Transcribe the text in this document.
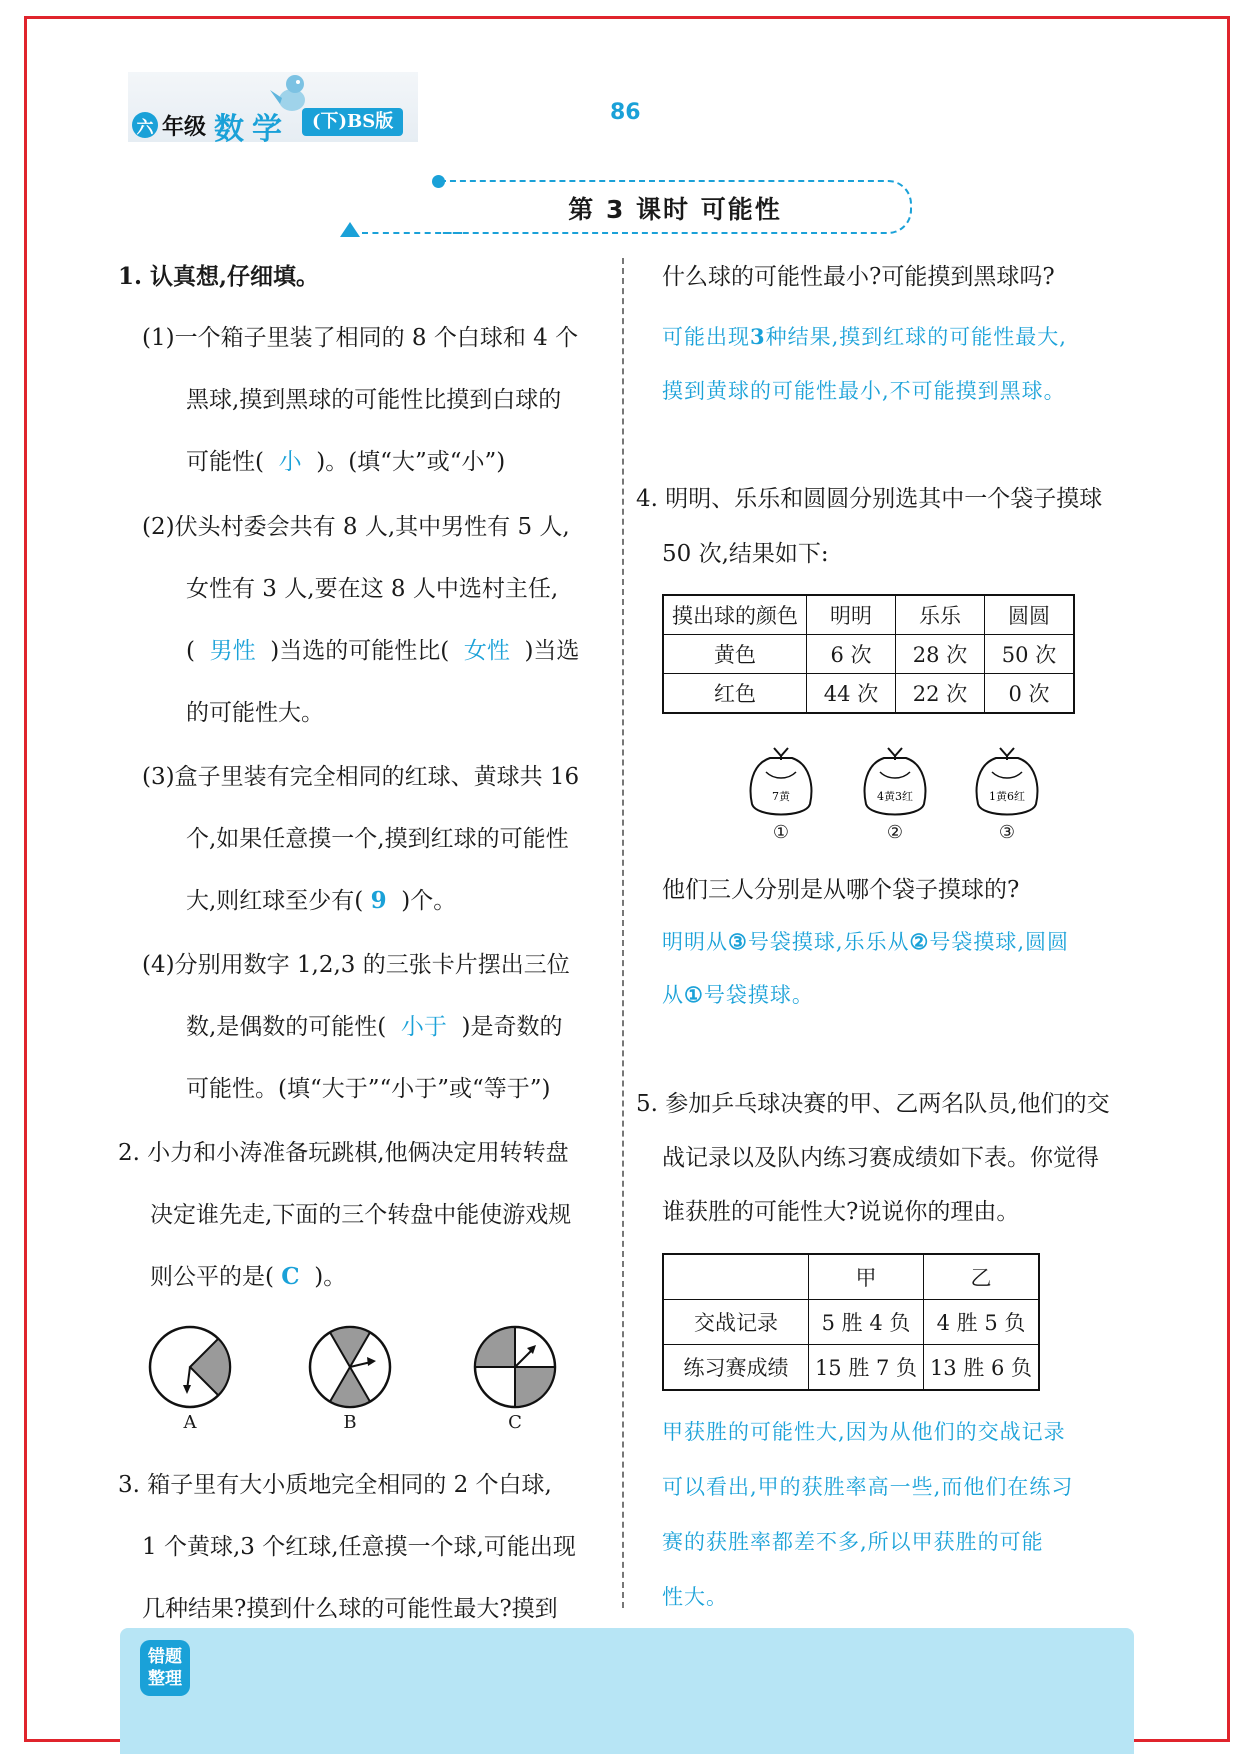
六 年级 数学	(下)BS版	86
第 3 课时 可能性
1. 认真想,仔细填。
(1)一个箱子里装了相同的 8 个白球和 4 个
黑球,摸到黑球的可能性比摸到白球的
可能性( 小 )。(填“大”或“小”)
(2)伏头村委会共有 8 人,其中男性有 5 人,
女性有 3 人,要在这 8 人中选村主任,
( 男性 )当选的可能性比( 女性 )当选
的可能性大。
(3)盒子里装有完全相同的红球、黄球共 16
个,如果任意摸一个,摸到红球的可能性
大,则红球至少有( 9 )个。
(4)分别用数字 1,2,3 的三张卡片摆出三位
数,是偶数的可能性( 小于 )是奇数的
可能性。(填“大于”“小于”或“等于”)
2. 小力和小涛准备玩跳棋,他俩决定用转转盘
决定谁先走,下面的三个转盘中能使游戏规
则公平的是( C )。
A	B	C
3. 箱子里有大小质地完全相同的 2 个白球,
1 个黄球,3 个红球,任意摸一个球,可能出现
几种结果?摸到什么球的可能性最大?摸到
什么球的可能性最小?可能摸到黑球吗?
可能出现3种结果,摸到红球的可能性最大,
摸到黄球的可能性最小,不可能摸到黑球。
4. 明明、乐乐和圆圆分别选其中一个袋子摸球
50 次,结果如下:
摸出球的颜色	明明	乐乐	圆圆
黄色	6 次	28 次	50 次
红色	44 次	22 次	0 次
7黄
①
4黄3红
②
1黄6红
③
他们三人分别是从哪个袋子摸球的?
明明从③号袋摸球,乐乐从②号袋摸球,圆圆
从①号袋摸球。
5. 参加乒乓球决赛的甲、乙两名队员,他们的交
战记录以及队内练习赛成绩如下表。你觉得
谁获胜的可能性大?说说你的理由。
	甲	乙
交战记录	5 胜 4 负	4 胜 5 负
练习赛成绩	15 胜 7 负	13 胜 6 负
甲获胜的可能性大,因为从他们的交战记录
可以看出,甲的获胜率高一些,而他们在练习
赛的获胜率都差不多,所以甲获胜的可能
性大。
错题
整理
